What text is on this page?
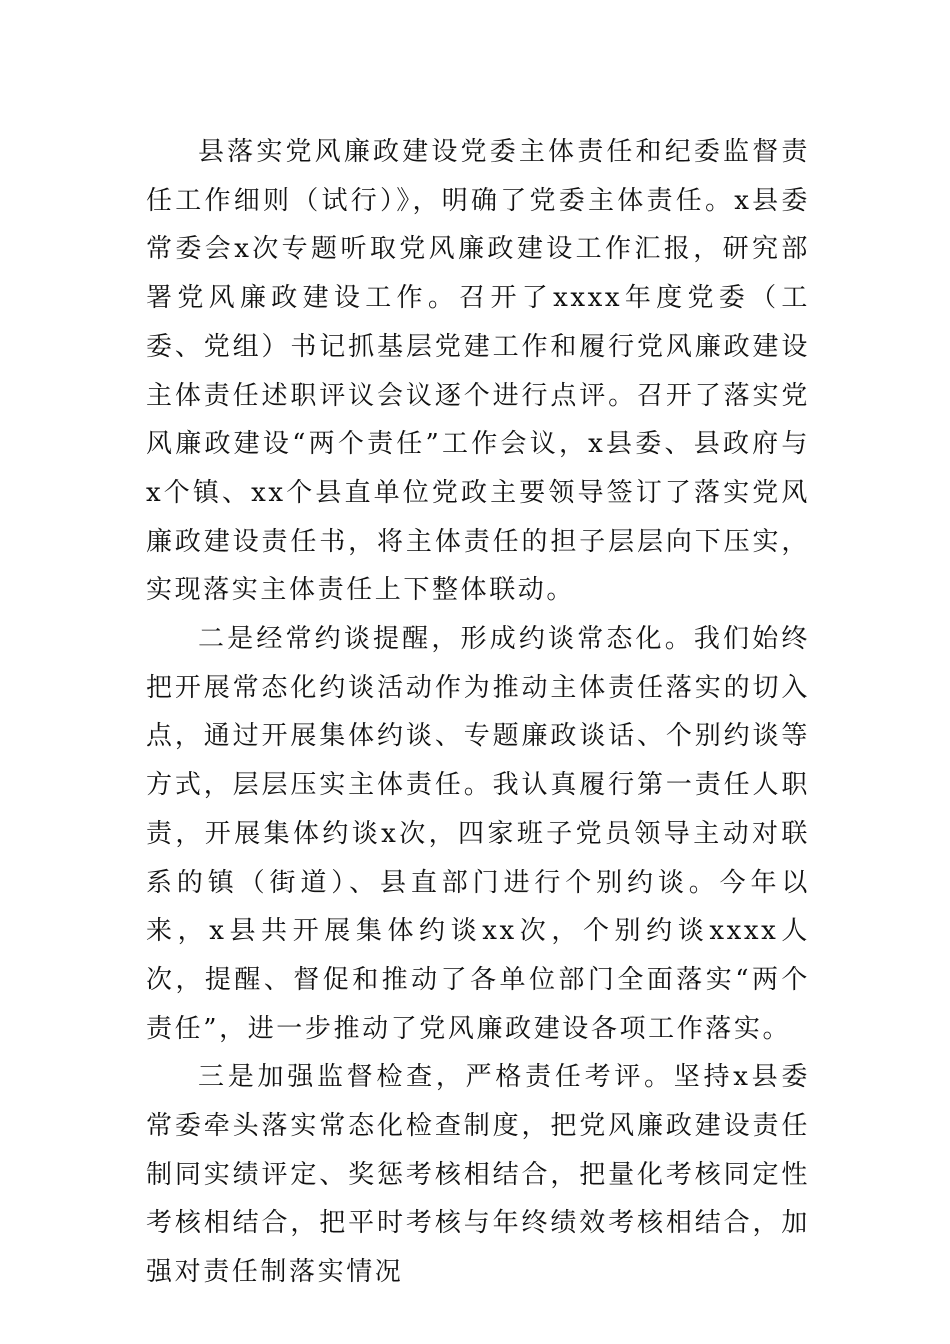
县落实党风廉政建设党委主体责任和纪委监督责任工作细则（试行）》，明确了党委主体责任。x县委常委会x次专题听取党风廉政建设工作汇报，研究部署党风廉政建设工作。召开了xxxx年度党委（工委、党组）书记抓基层党建工作和履行党风廉政建设主体责任述职评议会议逐个进行点评。召开了落实党风廉政建设“两个责任”工作会议，x县委、县政府与x个镇、xx个县直单位党政主要领导签订了落实党风廉政建设责任书，将主体责任的担子层层向下压实，实现落实主体责任上下整体联动。

二是经常约谈提醒，形成约谈常态化。我们始终把开展常态化约谈活动作为推动主体责任落实的切入点，通过开展集体约谈、专题廉政谈话、个别约谈等方式，层层压实主体责任。我认真履行第一责任人职责，开展集体约谈x次，四家班子党员领导主动对联系的镇（街道）、县直部门进行个别约谈。今年以来，x县共开展集体约谈xx次，个别约谈xxxx人次，提醒、督促和推动了各单位部门全面落实“两个责任”，进一步推动了党风廉政建设各项工作落实。

三是加强监督检查，严格责任考评。坚持x县委常委牵头落实常态化检查制度，把党风廉政建设责任制同实绩评定、奖惩考核相结合，把量化考核同定性考核相结合，把平时考核与年终绩效考核相结合，加强对责任制落实情况
